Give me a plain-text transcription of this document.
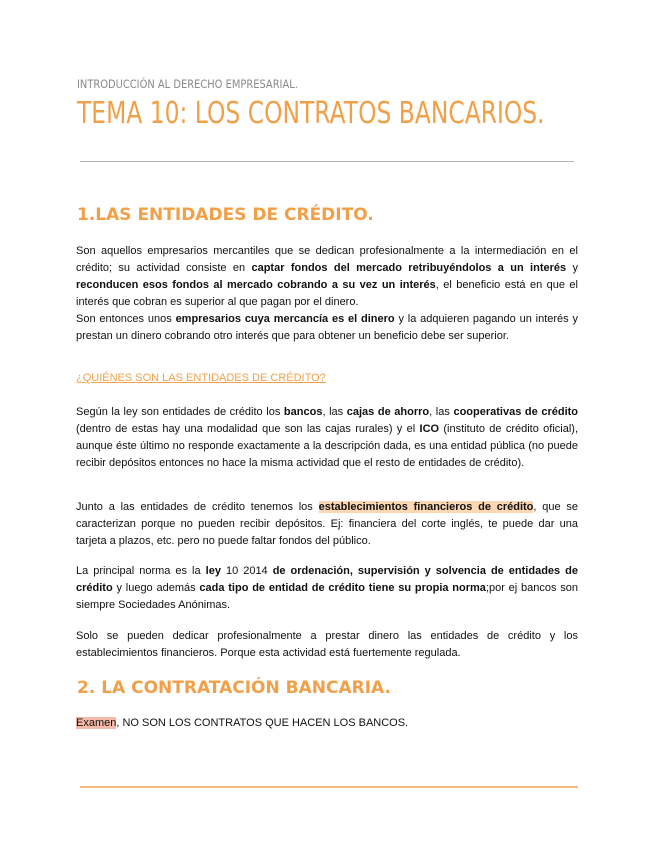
INTRODUCCIÓN AL DERECHO EMPRESARIAL.
TEMA 10: LOS CONTRATOS BANCARIOS.
1.LAS ENTIDADES DE CRÉDITO.
Son aquellos empresarios mercantiles que se dedican profesionalmente a la intermediación en el crédito; su actividad consiste en captar fondos del mercado retribuyéndolos a un interés y reconducen esos fondos al mercado cobrando a su vez un interés, el beneficio está en que el interés que cobran es superior al que pagan por el dinero.
Son entonces unos empresarios cuya mercancía es el dinero y la adquieren pagando un interés y prestan un dinero cobrando otro interés que para obtener un beneficio debe ser superior.
¿QUIÉNES SON LAS ENTIDADES DE CRÉDITO?
Según la ley son entidades de crédito los bancos, las cajas de ahorro, las cooperativas de crédito (dentro de estas hay una modalidad que son las cajas rurales) y el ICO (instituto de crédito oficial), aunque éste último no responde exactamente a la descripción dada, es una entidad pública (no puede recibir depósitos entonces no hace la misma actividad que el resto de entidades de crédito).
Junto a las entidades de crédito tenemos los establecimientos financieros de crédito, que se caracterizan porque no pueden recibir depósitos. Ej: financiera del corte inglés, te puede dar una tarjeta a plazos, etc. pero no puede faltar fondos del público.
La principal norma es la ley 10 2014 de ordenación, supervisión y solvencia de entidades de crédito y luego además cada tipo de entidad de crédito tiene su propia norma;por ej bancos son siempre Sociedades Anónimas.
Solo se pueden dedicar profesionalmente a prestar dinero las entidades de crédito y los establecimientos financieros. Porque esta actividad está fuertemente regulada.
2. LA CONTRATACIÓN BANCARIA.
Examen, NO SON LOS CONTRATOS QUE HACEN LOS BANCOS.
